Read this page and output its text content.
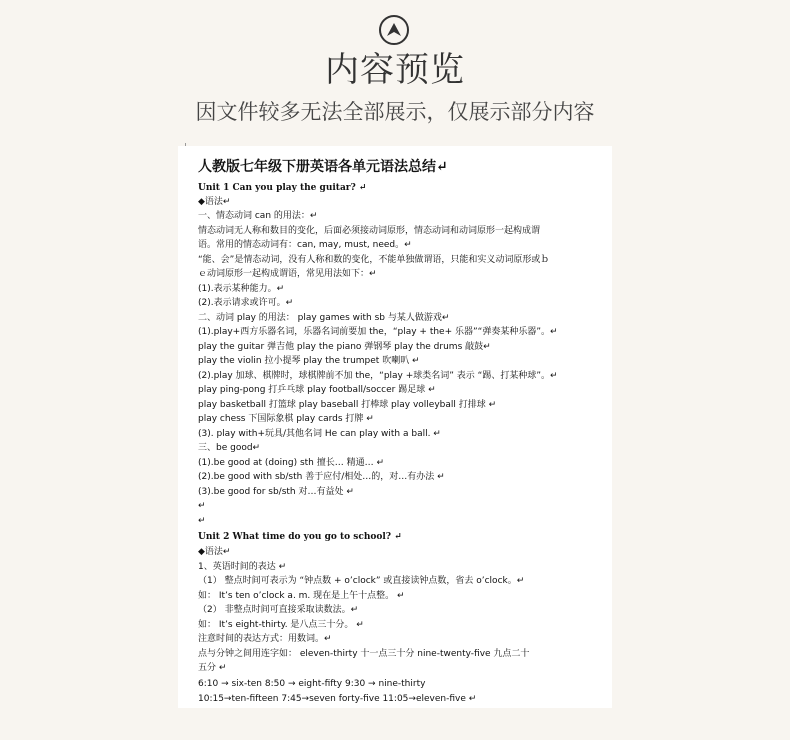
内容预览
因文件较多无法全部展示，仅展示部分内容
人教版七年级下册英语各单元语法总结↵
Unit 1 Can you play the guitar? ↵
◆语法↵
一、情态动词 can 的用法：↵
情态动词无人称和数目的变化，后面必须接动词原形，情态动词和动词原形一起构成谓
语。常用的情态动词有：can, may, must, need。↵
“能、会”是情态动词，没有人称和数的变化，不能单独做谓语，只能和实义动词原形或ｂ
ｅ动词原形一起构成谓语，常见用法如下：↵
(1).表示某种能力。↵
(2).表示请求或许可。↵
二、动词 play 的用法： play games with sb 与某人做游戏↵
(1).play+西方乐器名词，乐器名词前要加 the，“play + the+ 乐器”“弹奏某种乐器”。↵
play the guitar 弹吉他 play the piano 弹钢琴 play the drums 敲鼓↵
play the violin 拉小提琴 play the trumpet 吹喇叭 ↵
(2).play 加球、棋牌时，球棋牌前不加 the，“play +球类名词” 表示 “踢、打某种球”。↵
play ping-pong 打乒乓球 play football/soccer 踢足球 ↵
play basketball 打篮球 play baseball 打棒球 play volleyball 打排球 ↵
play chess 下国际象棋 play cards 打牌 ↵
(3). play with+玩具/其他名词 He can play with a ball. ↵
三、be good↵
(1).be good at (doing) sth 擅长… 精通… ↵
(2).be good with sb/sth 善于应付/相处…的，对…有办法 ↵
(3).be good for sb/sth 对…有益处 ↵
↵
↵
Unit 2 What time do you go to school? ↵
◆语法↵
1、英语时间的表达 ↵
（1） 整点时间可表示为 “钟点数 + o’clock” 或直接读钟点数，省去 o’clock。↵
如： It’s ten o’clock a. m. 现在是上午十点整。 ↵
（2） 非整点时间可直接采取读数法。↵
如： It’s eight-thirty. 是八点三十分。 ↵
注意时间的表达方式：用数词。↵
点与分钟之间用连字如： eleven-thirty 十一点三十分 nine-twenty-five 九点二十
五分 ↵
6:10 → six-ten 8:50 → eight-fifty 9:30 → nine-thirty
10:15→ten-fifteen 7:45→seven forty-five 11:05→eleven-five ↵
